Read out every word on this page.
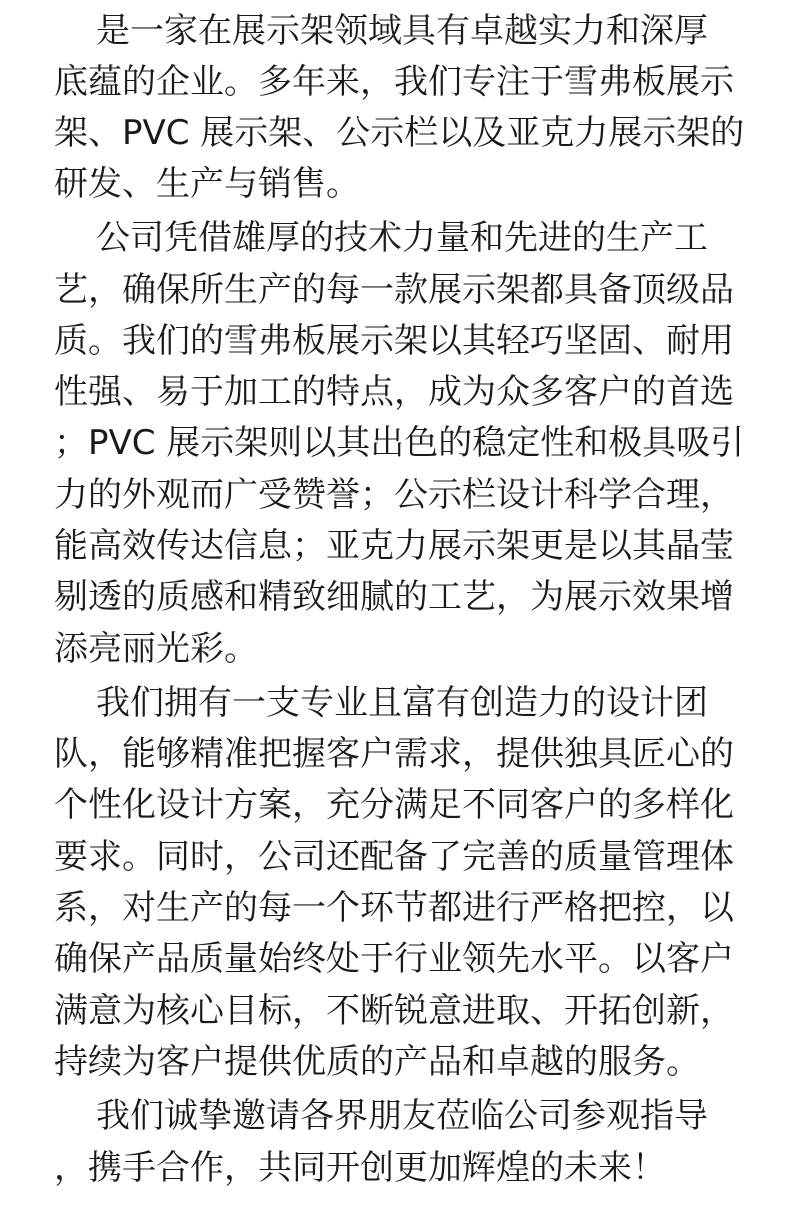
是一家在展示架领域具有卓越实力和深厚
底蕴的企业。多年来，我们专注于雪弗板展示
架、PVC 展示架、公示栏以及亚克力展示架的
研发、生产与销售。
公司凭借雄厚的技术力量和先进的生产工
艺，确保所生产的每一款展示架都具备顶级品
质。我们的雪弗板展示架以其轻巧坚固、耐用
性强、易于加工的特点，成为众多客户的首选
；PVC 展示架则以其出色的稳定性和极具吸引
力的外观而广受赞誉；公示栏设计科学合理，
能高效传达信息；亚克力展示架更是以其晶莹
剔透的质感和精致细腻的工艺，为展示效果增
添亮丽光彩。
我们拥有一支专业且富有创造力的设计团
队，能够精准把握客户需求，提供独具匠心的
个性化设计方案，充分满足不同客户的多样化
要求。同时，公司还配备了完善的质量管理体
系，对生产的每一个环节都进行严格把控，以
确保产品质量始终处于行业领先水平。以客户
满意为核心目标，不断锐意进取、开拓创新，
持续为客户提供优质的产品和卓越的服务。
我们诚挚邀请各界朋友莅临公司参观指导
，携手合作，共同开创更加辉煌的未来！
